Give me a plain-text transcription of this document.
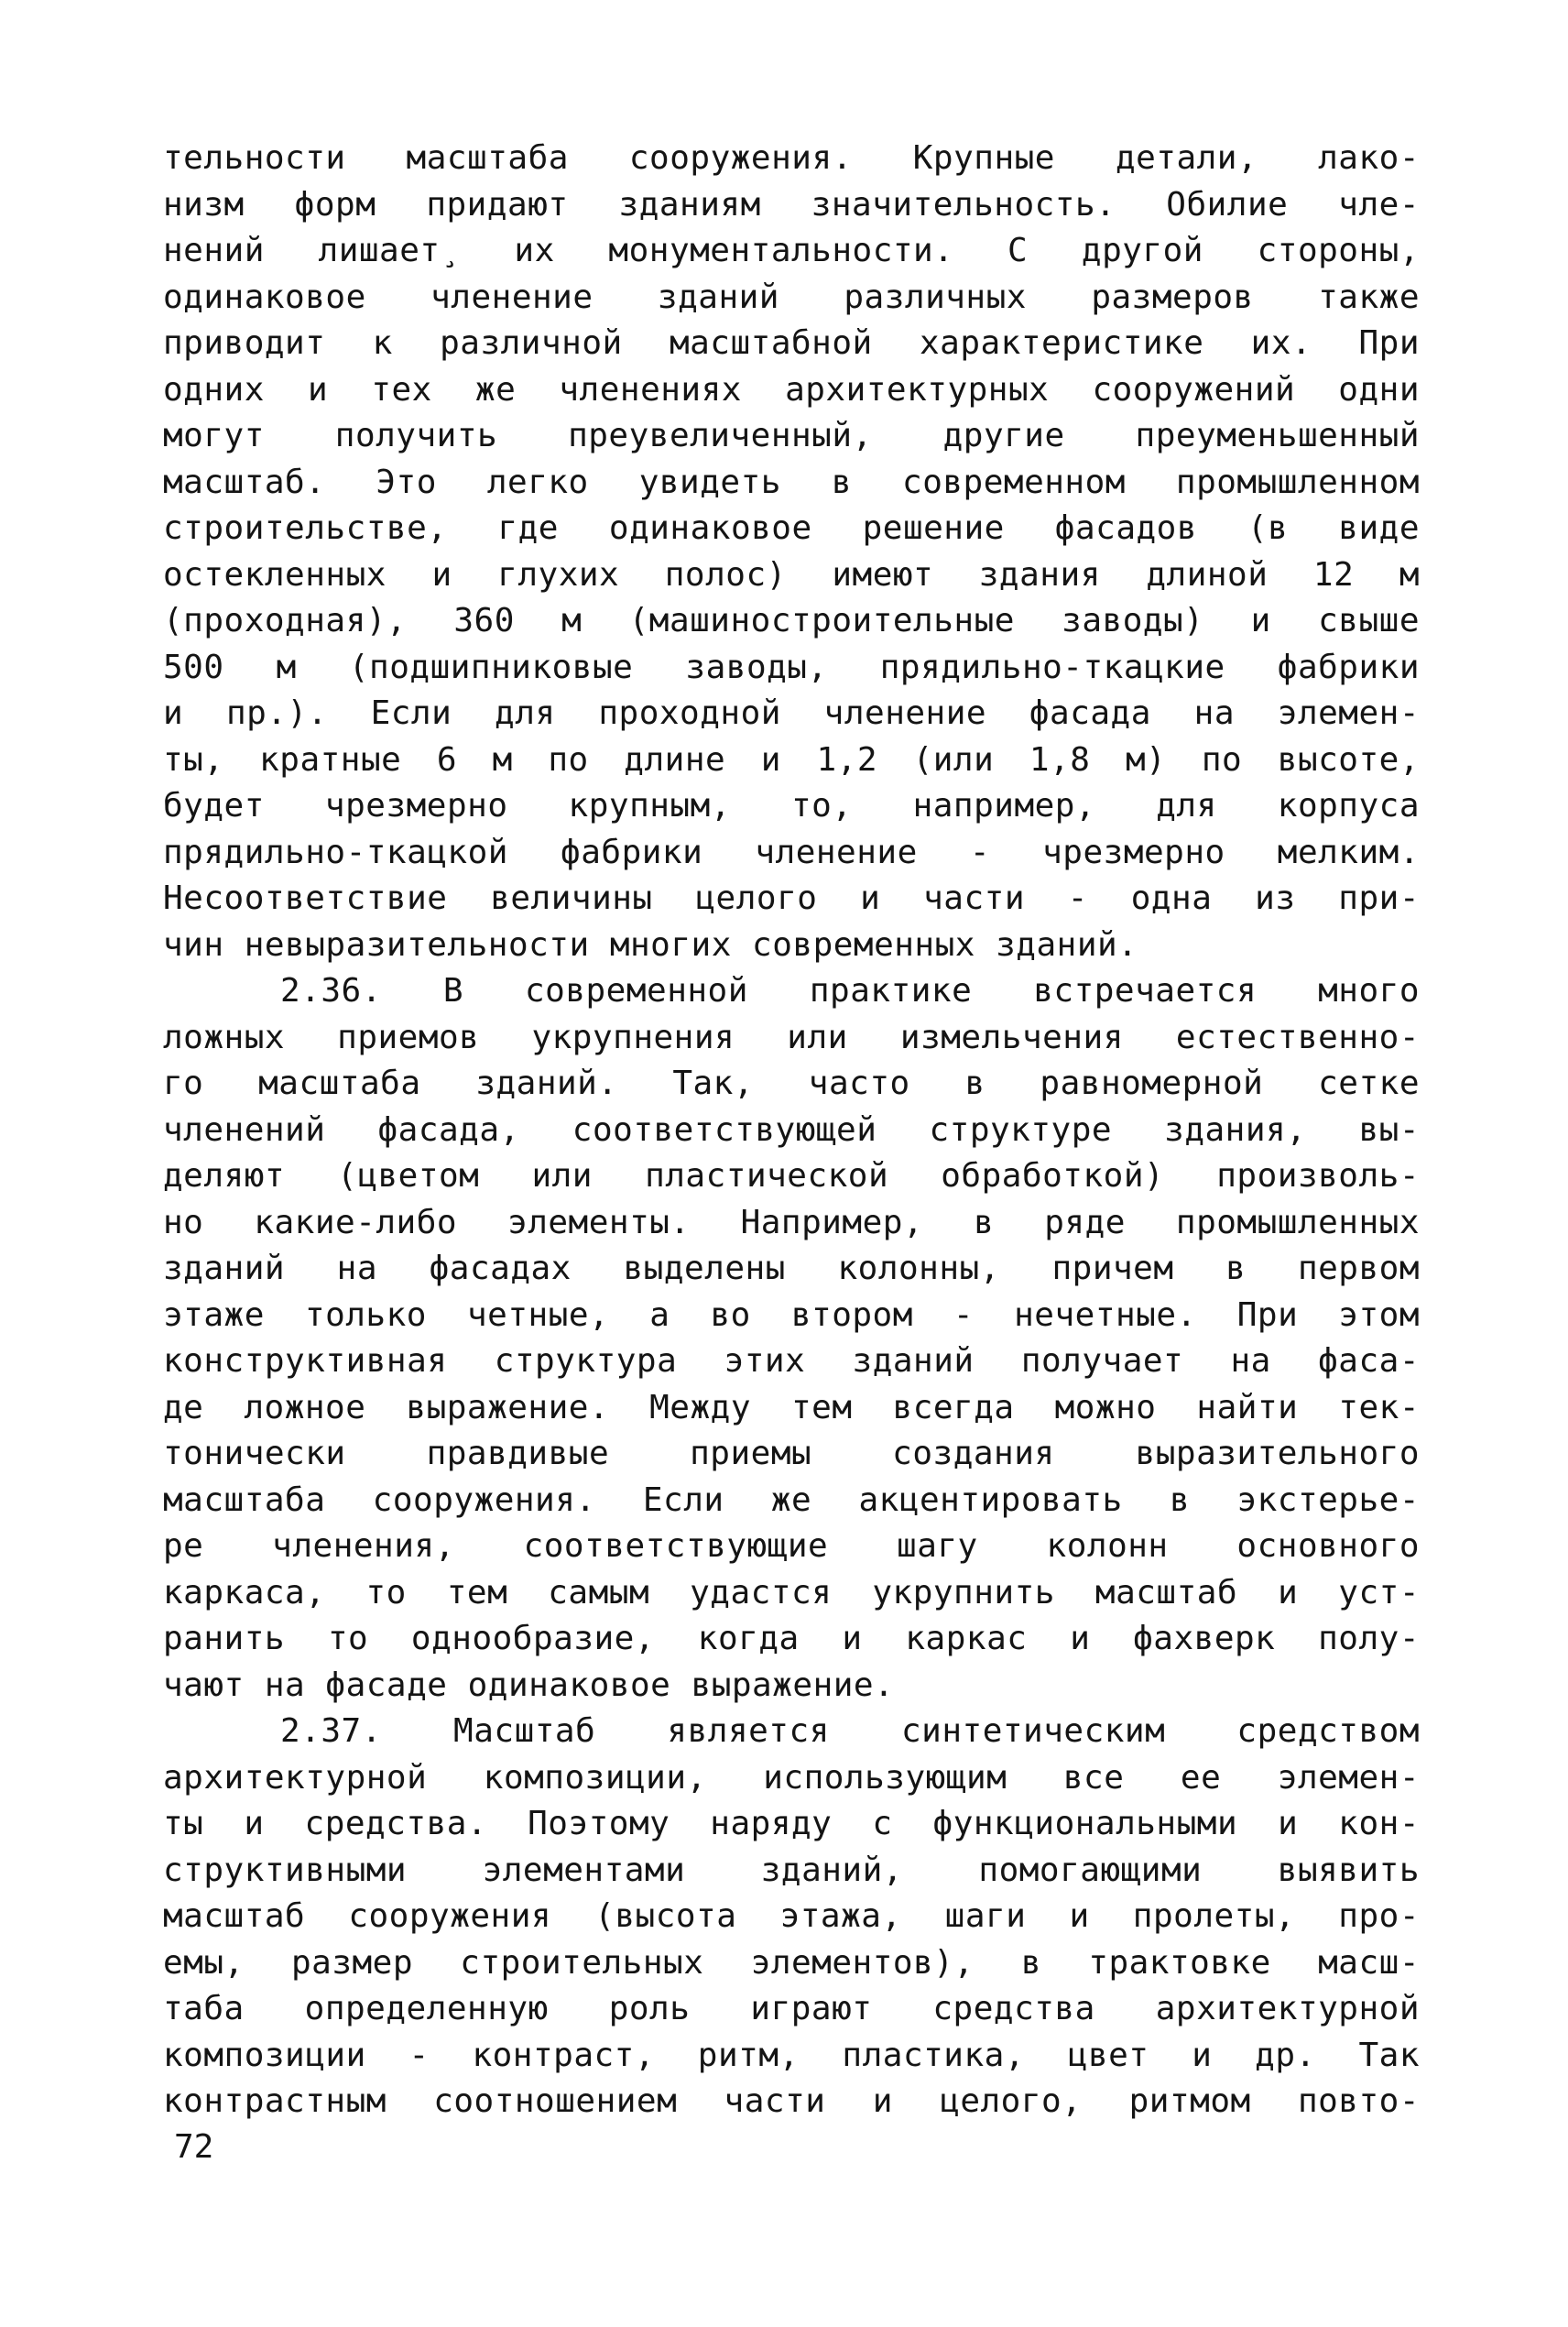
тельности масштаба сооружения. Крупные детали, лако-
низм форм придают зданиям значительность. Обилие чле-
нений лишает¸ их монументальности. С другой стороны,
одинаковое членение зданий различных размеров также
приводит к различной масштабной характеристике их. При
одних и тех же членениях архитектурных сооружений одни
могут получить преувеличенный, другие преуменьшенный
масштаб. Это легко увидеть в современном промышленном
строительстве, где одинаковое решение фасадов (в виде
остекленных и глухих полос) имеют здания длиной 12 м
(проходная), 360 м (машиностроительные заводы) и свыше
500 м (подшипниковые заводы, прядильно-ткацкие фабрики
и пр.). Если для проходной членение фасада на элемен-
ты, кратные 6 м по длине и 1,2 (или 1,8 м) по высоте,
будет чрезмерно крупным, то, например, для корпуса
прядильно-ткацкой фабрики членение - чрезмерно мелким.
Несоответствие величины целого и части - одна из при-
чин невыразительности многих современных зданий.
2.36. В современной практике встречается много
ложных приемов укрупнения или измельчения естественно-
го масштаба зданий. Так, часто в равномерной сетке
членений фасада, соответствующей структуре здания, вы-
деляют (цветом или пластической обработкой) произволь-
но какие-либо элементы. Например, в ряде промышленных
зданий на фасадах выделены колонны, причем в первом
этаже только четные, а во втором - нечетные. При этом
конструктивная структура этих зданий получает на фаса-
де ложное выражение. Между тем всегда можно найти тек-
тонически правдивые приемы создания выразительного
масштаба сооружения. Если же акцентировать в экстерье-
ре членения, соответствующие шагу колонн основного
каркаса, то тем самым удастся укрупнить масштаб и уст-
ранить то однообразие, когда и каркас и фахверк полу-
чают на фасаде одинаковое выражение.
2.37. Масштаб является синтетическим средством
архитектурной композиции, использующим все ее элемен-
ты и средства. Поэтому наряду с функциональными и кон-
структивными элементами зданий, помогающими выявить
масштаб сооружения (высота этажа, шаги и пролеты, про-
емы, размер строительных элементов), в трактовке масш-
таба определенную роль играют средства архитектурной
композиции - контраст, ритм, пластика, цвет и др. Так
контрастным соотношением части и целого, ритмом повто-
72
